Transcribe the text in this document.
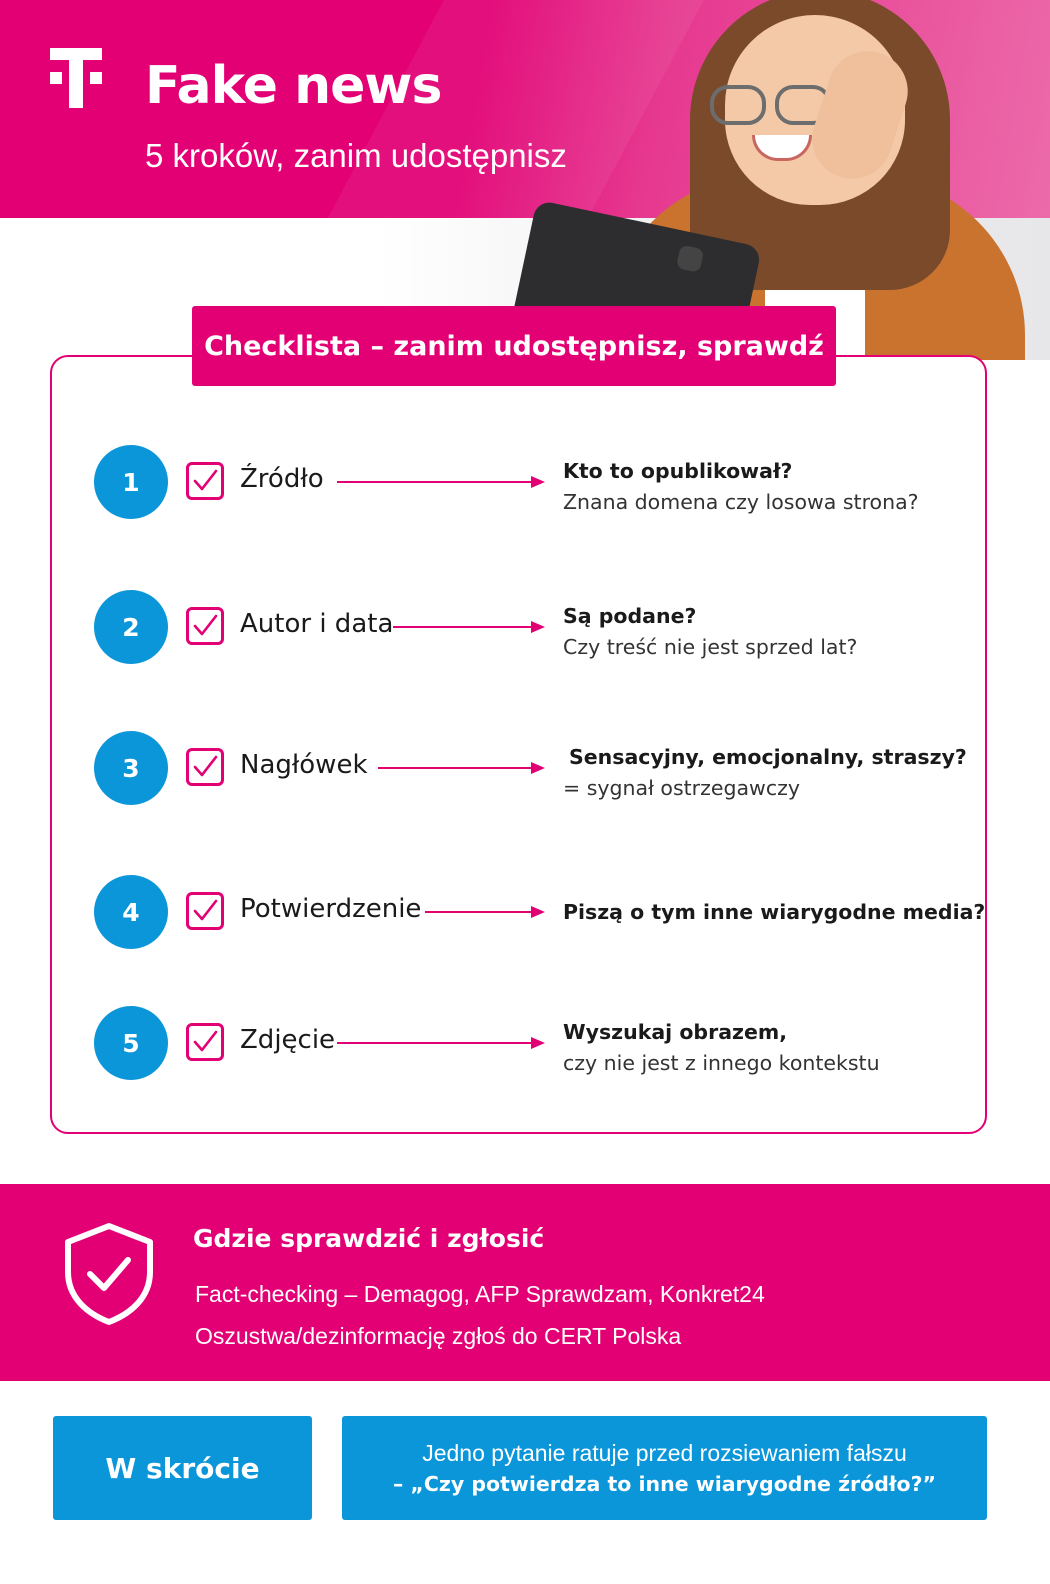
Fake news
5 kroków, zanim udostępnisz
Checklista – zanim udostępnisz, sprawdź
1	Źródło	Kto to opublikował?
Znana domena czy losowa strona?
2	Autor i data	Są podane?
Czy treść nie jest sprzed lat?
3	Nagłówek	Sensacyjny, emocjonalny, straszy?
= sygnał ostrzegawczy
4	Potwierdzenie	Piszą o tym inne wiarygodne media?
5	Zdjęcie	Wyszukaj obrazem,
czy nie jest z innego kontekstu
Gdzie sprawdzić i zgłosić
Fact-checking – Demagog, AFP Sprawdzam, Konkret24
Oszustwa/dezinformację zgłoś do CERT Polska
W skrócie	Jedno pytanie ratuje przed rozsiewaniem fałszu
– „Czy potwierdza to inne wiarygodne źródło?”
